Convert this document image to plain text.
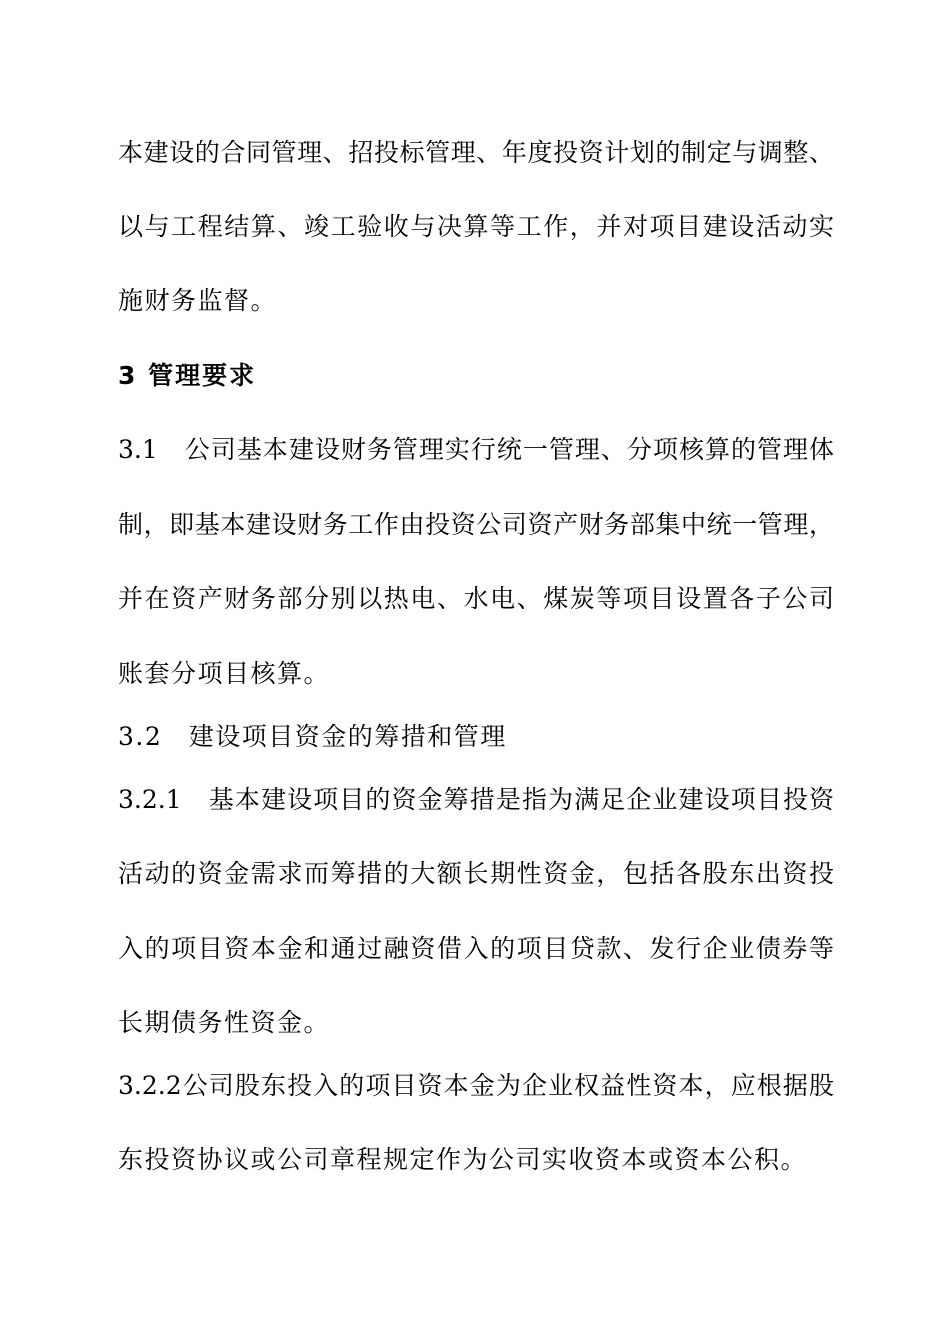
本建设的合同管理、招投标管理、年度投资计划的制定与调整、
以与工程结算、竣工验收与决算等工作，并对项目建设活动实
施财务监督。
3 管理要求
3.1　公司基本建设财务管理实行统一管理、分项核算的管理体
制，即基本建设财务工作由投资公司资产财务部集中统一管理，
并在资产财务部分别以热电、水电、煤炭等项目设置各子公司
账套分项目核算。
3.2　建设项目资金的筹措和管理
3.2.1　基本建设项目的资金筹措是指为满足企业建设项目投资
活动的资金需求而筹措的大额长期性资金，包括各股东出资投
入的项目资本金和通过融资借入的项目贷款、发行企业债券等
长期债务性资金。
3.2.2公司股东投入的项目资本金为企业权益性资本，应根据股
东投资协议或公司章程规定作为公司实收资本或资本公积。
